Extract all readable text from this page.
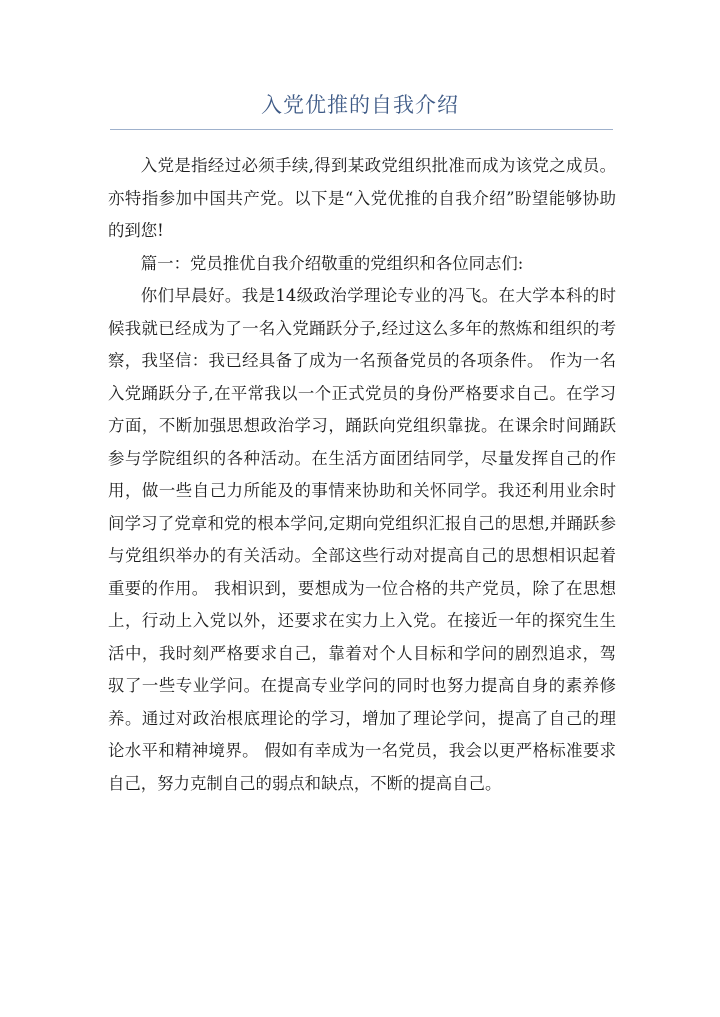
入党优推的自我介绍

入党是指经过必须手续,得到某政党组织批准而成为该党之成员。亦特指参加中国共产党。以下是“入党优推的自我介绍”盼望能够协助的到您!

篇一：党员推优自我介绍敬重的党组织和各位同志们:

你们早晨好。我是14级政治学理论专业的冯飞。在大学本科的时候我就已经成为了一名入党踊跃分子,经过这么多年的熬炼和组织的考察，我坚信：我已经具备了成为一名预备党员的各项条件。 作为一名入党踊跃分子,在平常我以一个正式党员的身份严格要求自己。在学习方面，不断加强思想政治学习，踊跃向党组织靠拢。在课余时间踊跃参与学院组织的各种活动。在生活方面团结同学，尽量发挥自己的作用，做一些自己力所能及的事情来协助和关怀同学。我还利用业余时间学习了党章和党的根本学问,定期向党组织汇报自己的思想,并踊跃参与党组织举办的有关活动。全部这些行动对提高自己的思想相识起着重要的作用。 我相识到，要想成为一位合格的共产党员，除了在思想上，行动上入党以外，还要求在实力上入党。在接近一年的探究生生活中，我时刻严格要求自己，靠着对个人目标和学问的剧烈追求，驾驭了一些专业学问。在提高专业学问的同时也努力提高自身的素养修养。通过对政治根底理论的学习，增加了理论学问，提高了自己的理论水平和精神境界。 假如有幸成为一名党员，我会以更严格标准要求自己，努力克制自己的弱点和缺点，不断的提高自己。
